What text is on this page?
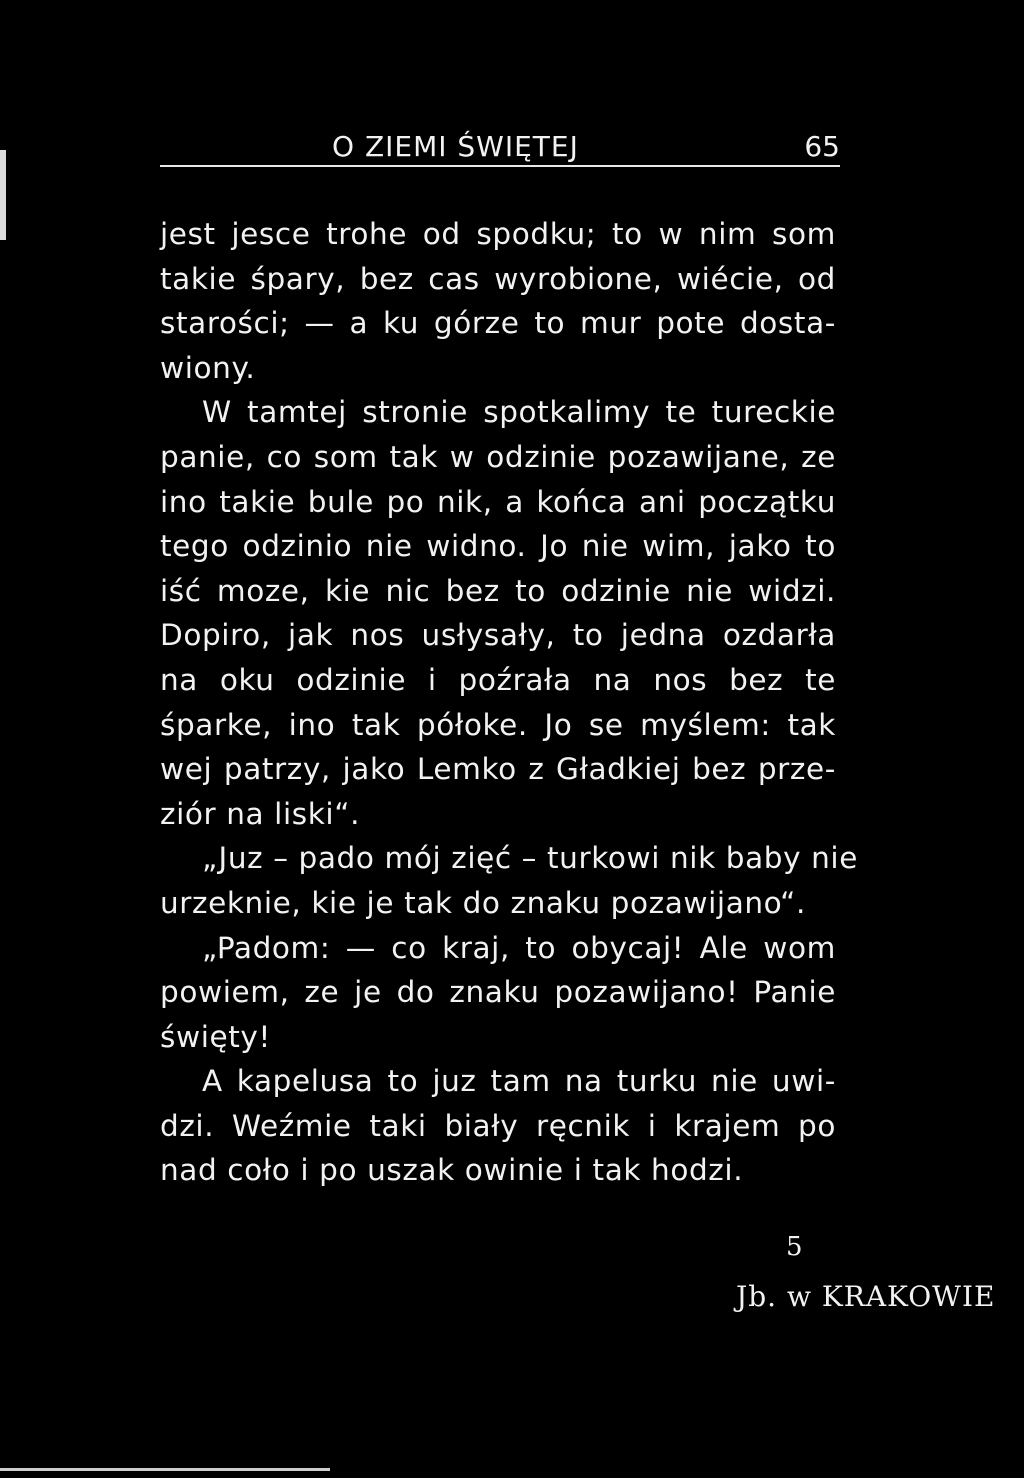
O ZIEMI ŚWIĘTEJ	65
jest jesce trohe od spodku; to w nim som
takie śpary, bez cas wyrobione, wiécie, od
starości; — a ku górze to mur pote dosta-
wiony.
W tamtej stronie spotkalimy te tureckie
panie, co som tak w odzinie pozawijane, ze
ino takie bule po nik, a końca ani początku
tego odzinio nie widno. Jo nie wim, jako to
iść moze, kie nic bez to odzinie nie widzi.
Dopiro, jak nos usłysały, to jedna ozdarła
na oku odzinie i poźrała na nos bez te
śparke, ino tak półoke. Jo se myślem: tak
wej patrzy, jako Lemko z Gładkiej bez prze-
ziór na liski“.
„Juz – pado mój zięć – turkowi nik baby nie
urzeknie, kie je tak do znaku pozawijano“.
„Padom: — co kraj, to obycaj! Ale wom
powiem, ze je do znaku pozawijano! Panie
święty!
A kapelusa to juz tam na turku nie uwi-
dzi. Weźmie taki biały ręcnik i krajem po
nad coło i po uszak owinie i tak hodzi.
5
Jb. w KRAKOWIE
